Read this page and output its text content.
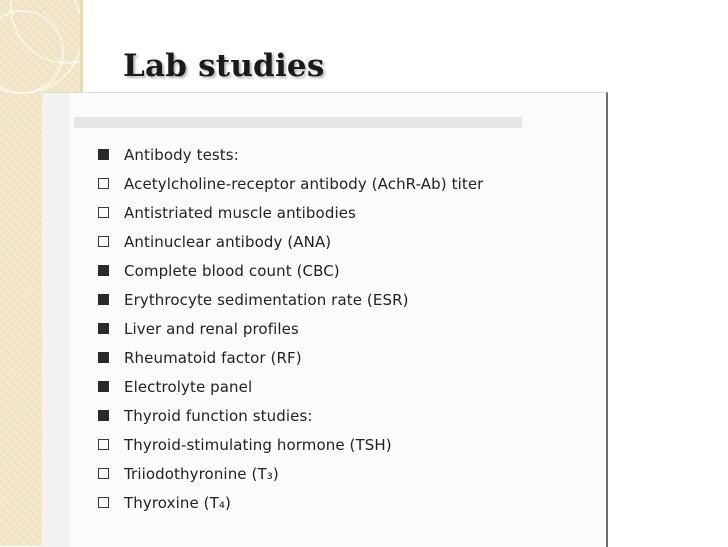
Lab studies
Antibody tests:
Acetylcholine-receptor antibody (AchR-Ab) titer
Antistriated muscle antibodies
Antinuclear antibody (ANA)
Complete blood count (CBC)
Erythrocyte sedimentation rate (ESR)
Liver and renal profiles
Rheumatoid factor (RF)
Electrolyte panel
Thyroid function studies:
Thyroid-stimulating hormone (TSH)
Triiodothyronine (T₃)
Thyroxine (T₄)
